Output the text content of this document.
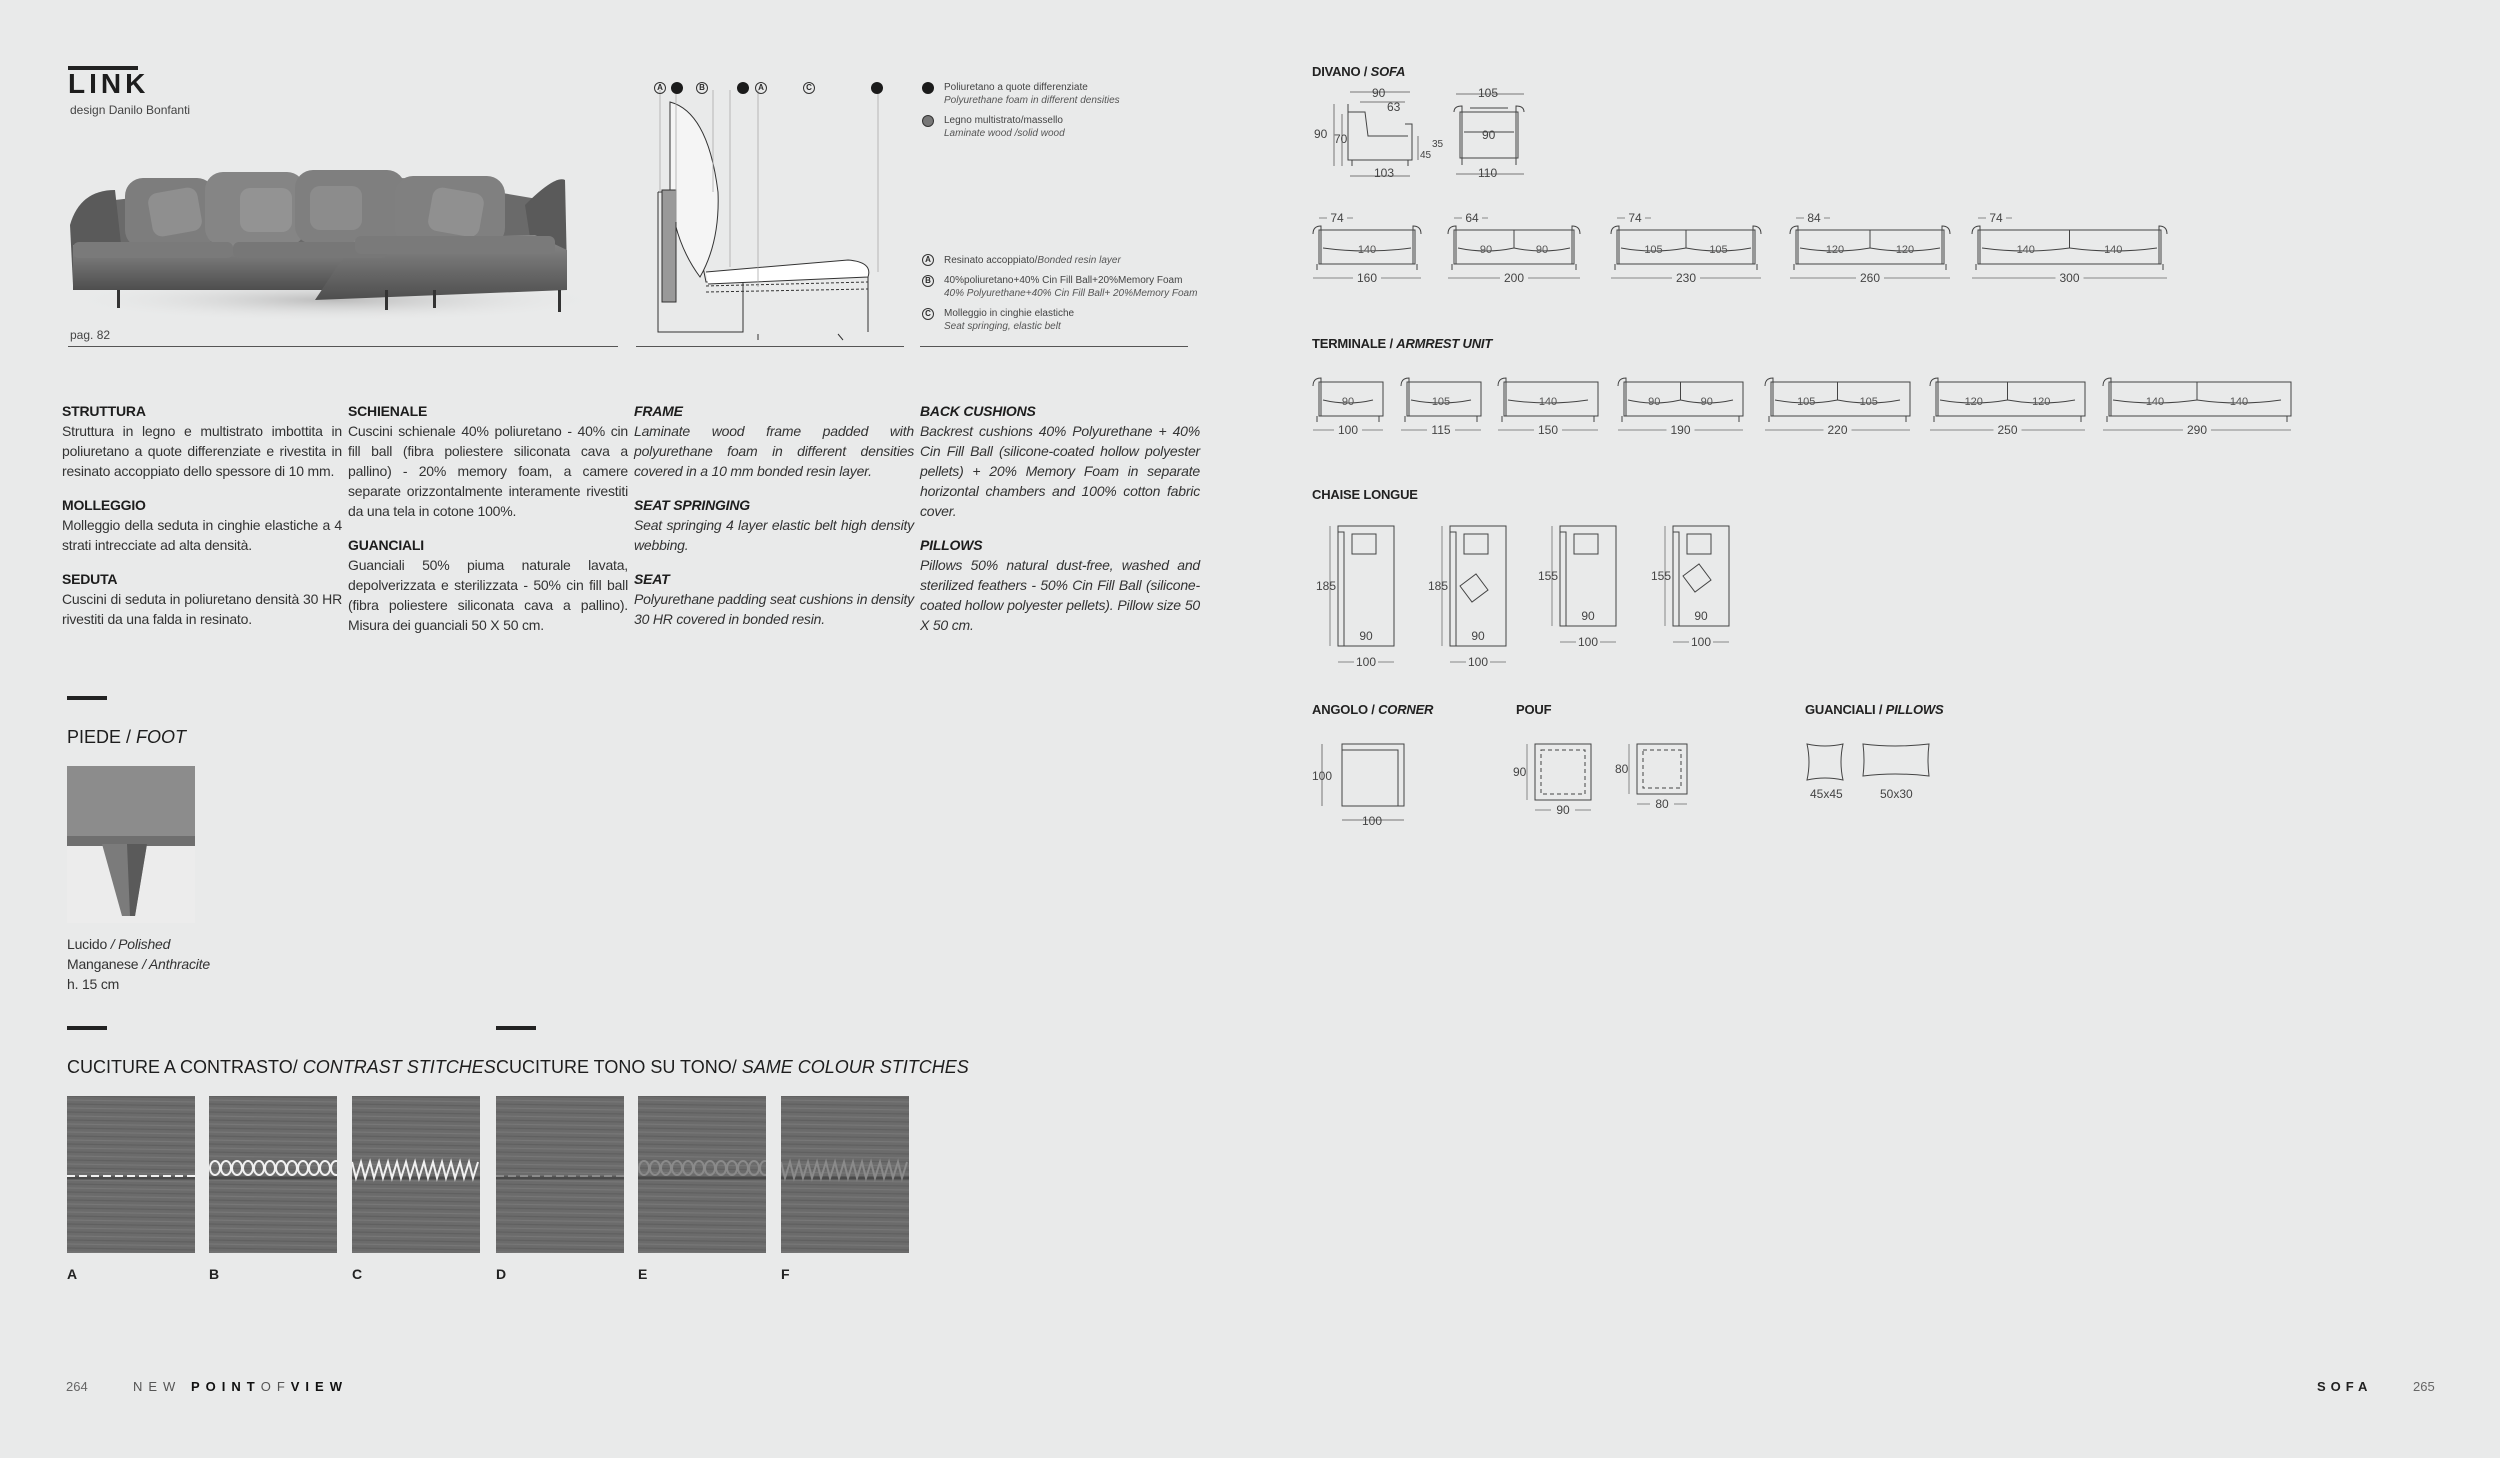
LINK
design Danilo Bonfanti
pag. 82
A	B	A	C	Poliuretano a quote differenziate
Polyurethane foam in different densities
Legno multistrato/massello
Laminate wood /solid wood
A	Resinato accoppiato/Bonded resin layer
B	40%poliuretano+40% Cin Fill Ball+20%Memory Foam
40% Polyurethane+40% Cin Fill Ball+ 20%Memory Foam
C	Molleggio in cinghie elastiche
Seat springing, elastic belt
STRUTTURA

Struttura in legno e multistrato imbottita in poliuretano a quote differenziate e rivestita in resinato accoppiato dello spessore di 10 mm.

MOLLEGGIO

Molleggio della seduta in cinghie elastiche a 4 strati intrecciate ad alta densità.

SEDUTA

Cuscini di seduta in poliuretano densità 30 HR rivestiti da una falda in resinato.

SCHIENALE

Cuscini schienale 40% poliuretano - 40% cin fill ball (fibra poliestere siliconata cava a pallino) - 20% memory foam, a camere separate orizzontalmente interamente rivestiti da una tela in cotone 100%.

GUANCIALI

Guanciali 50% piuma naturale lavata, depolverizzata e sterilizzata - 50% cin fill ball (fibra poliestere siliconata cava a pallino). Misura dei guanciali 50 X 50 cm.

FRAME

Laminate wood frame padded with polyurethane foam in different densities covered in a 10 mm bonded resin layer.

SEAT SPRINGING

Seat springing 4 layer elastic belt high density webbing.

SEAT

Polyurethane padding seat cushions in density 30 HR covered in bonded resin.

BACK CUSHIONS

Backrest cushions 40% Polyurethane + 40% Cin Fill Ball (silicone-coated hollow polyester pellets) + 20% Memory Foam in separate horizontal chambers and 100% cotton fabric cover.

PILLOWS

Pillows 50% natural dust-free, washed and sterilized feathers - 50% Cin Fill Ball (silicone-coated hollow polyester pellets). Pillow size 50 X 50 cm.

PIEDE / FOOT
Lucido / Polished
Manganese / Anthracite
h. 15 cm
CUCITURE A CONTRASTO/ CONTRAST STITCHES CUCITURE TONO SU TONO/ SAME COLOUR STITCHES
A	B	C	D	E	F
DIVANO / SOFA
90
63
90 70
45
35
103
105
90
110
140
160
74
90	90
200
64
105	105
230
74
120	120
260
84
140	140
300
74
TERMINALE / ARMREST UNIT
90
100
105
115
140
150
90	90
190
105	105
220
120	120
250
140	140
290
CHAISE LONGUE
185
90
100
185
90
100
155
90
100
155
90
100
ANGOLO / CORNER
100
100
POUF
90
90
80
80
GUANCIALI / PILLOWS
45x45	50x30
264	NEW POINTOFVIEW	SOFA	265
